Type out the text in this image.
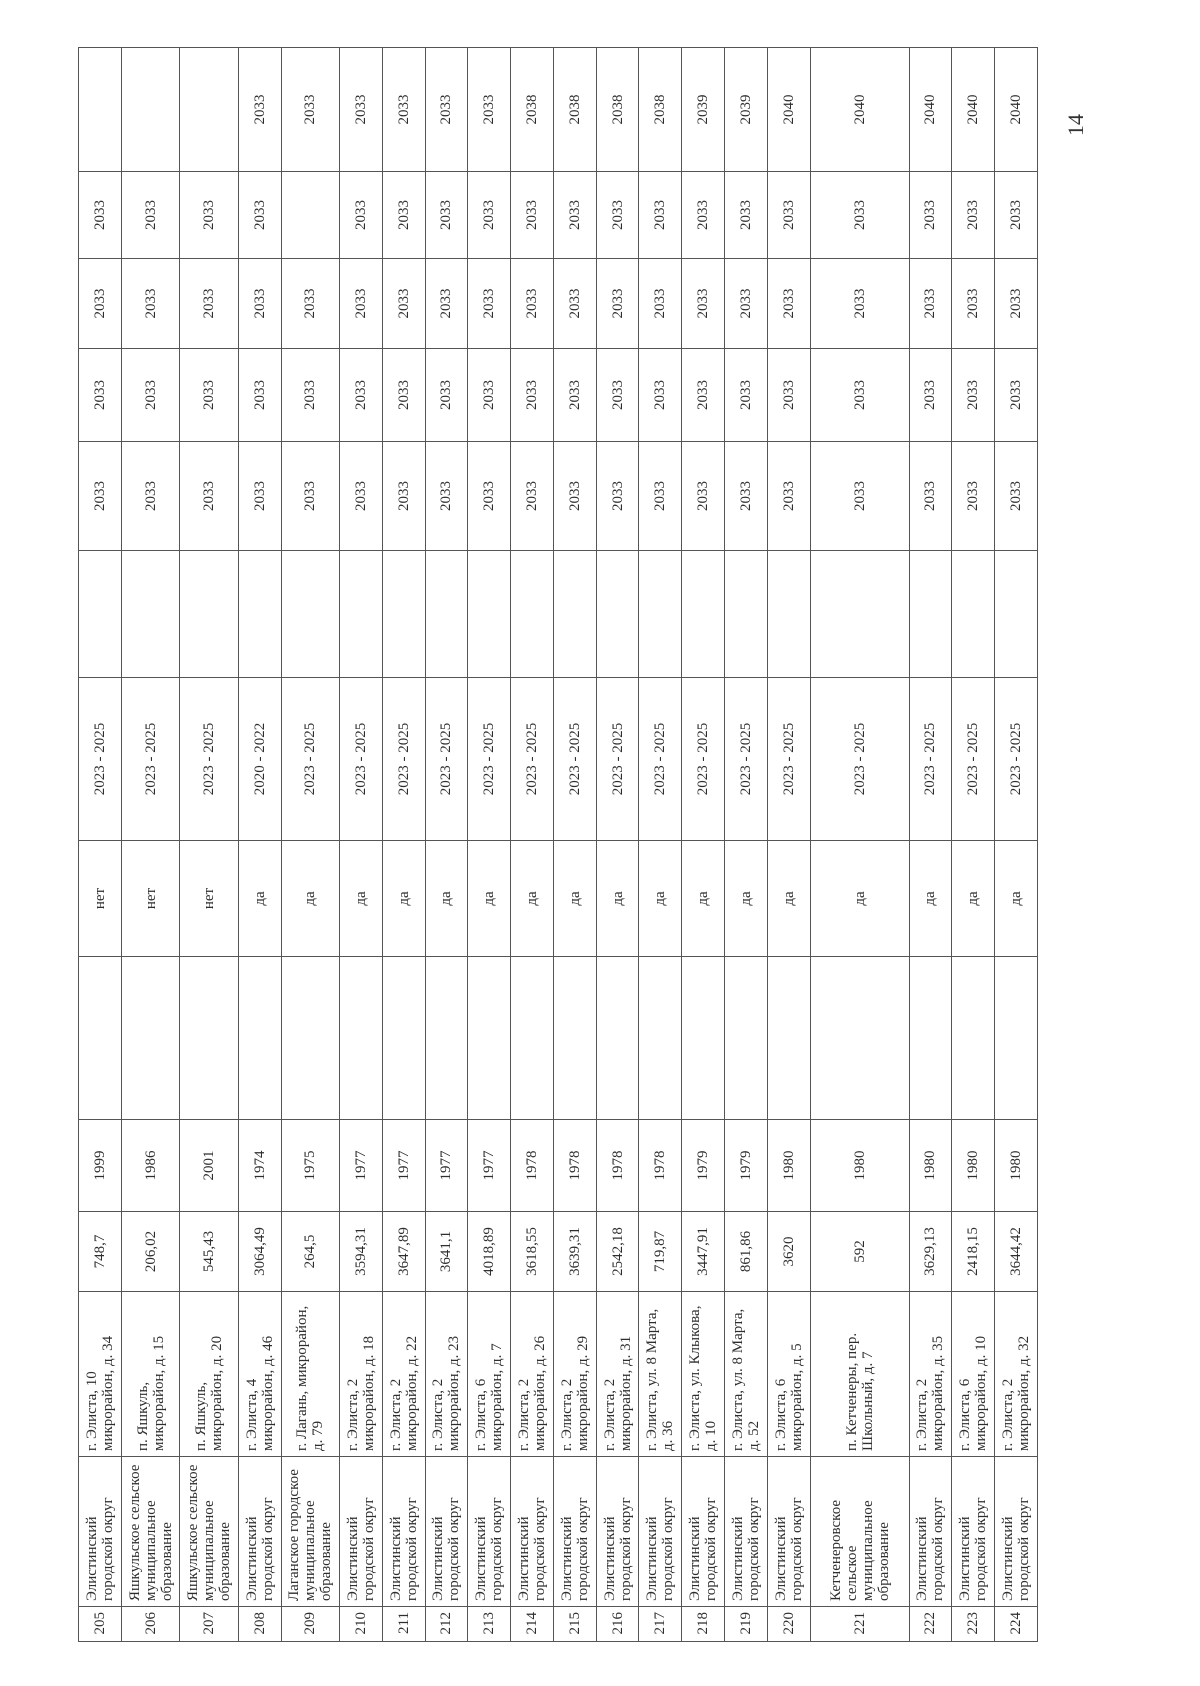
205	Элистинский городской округ	г. Элиста, 10 микрорайон, д. 34	748,7	1999		нет	2023 - 2025		2033	2033	2033	2033	
206	Яшкульское сельское муниципальное образование	п. Яшкуль, микрорайон, д. 15	206,02	1986		нет	2023 - 2025		2033	2033	2033	2033	
207	Яшкульское сельское муниципальное образование	п. Яшкуль, микрорайон, д. 20	545,43	2001		нет	2023 - 2025		2033	2033	2033	2033	
208	Элистинский городской округ	г. Элиста, 4 микрорайон, д. 46	3064,49	1974		да	2020 - 2022		2033	2033	2033	2033	2033
209	Лаганское городское муниципальное образование	г. Лагань, микрорайон, д. 79	264,5	1975		да	2023 - 2025		2033	2033	2033		2033
210	Элистинский городской округ	г. Элиста, 2 микрорайон, д. 18	3594,31	1977		да	2023 - 2025		2033	2033	2033	2033	2033
211	Элистинский городской округ	г. Элиста, 2 микрорайон, д. 22	3647,89	1977		да	2023 - 2025		2033	2033	2033	2033	2033
212	Элистинский городской округ	г. Элиста, 2 микрорайон, д. 23	3641,1	1977		да	2023 - 2025		2033	2033	2033	2033	2033
213	Элистинский городской округ	г. Элиста, 6 микрорайон, д. 7	4018,89	1977		да	2023 - 2025		2033	2033	2033	2033	2033
214	Элистинский городской округ	г. Элиста, 2 микрорайон, д. 26	3618,55	1978		да	2023 - 2025		2033	2033	2033	2033	2038
215	Элистинский городской округ	г. Элиста, 2 микрорайон, д. 29	3639,31	1978		да	2023 - 2025		2033	2033	2033	2033	2038
216	Элистинский городской округ	г. Элиста, 2 микрорайон, д. 31	2542,18	1978		да	2023 - 2025		2033	2033	2033	2033	2038
217	Элистинский городской округ	г. Элиста, ул. 8 Марта, д. 36	719,87	1978		да	2023 - 2025		2033	2033	2033	2033	2038
218	Элистинский городской округ	г. Элиста, ул. Клыкова, д. 10	3447,91	1979		да	2023 - 2025		2033	2033	2033	2033	2039
219	Элистинский городской округ	г. Элиста, ул. 8 Марта, д. 52	861,86	1979		да	2023 - 2025		2033	2033	2033	2033	2039
220	Элистинский городской округ	г. Элиста, 6 микрорайон, д. 5	3620	1980		да	2023 - 2025		2033	2033	2033	2033	2040
221	Кетченеровское сельское муниципальное образование	п. Кетченеры, пер. Школьный, д. 7	592	1980		да	2023 - 2025		2033	2033	2033	2033	2040
222	Элистинский городской округ	г. Элиста, 2 микрорайон, д. 35	3629,13	1980		да	2023 - 2025		2033	2033	2033	2033	2040
223	Элистинский городской округ	г. Элиста, 6 микрорайон, д. 10	2418,15	1980		да	2023 - 2025		2033	2033	2033	2033	2040
224	Элистинский городской округ	г. Элиста, 2 микрорайон, д. 32	3644,42	1980		да	2023 - 2025		2033	2033	2033	2033	2040
14
